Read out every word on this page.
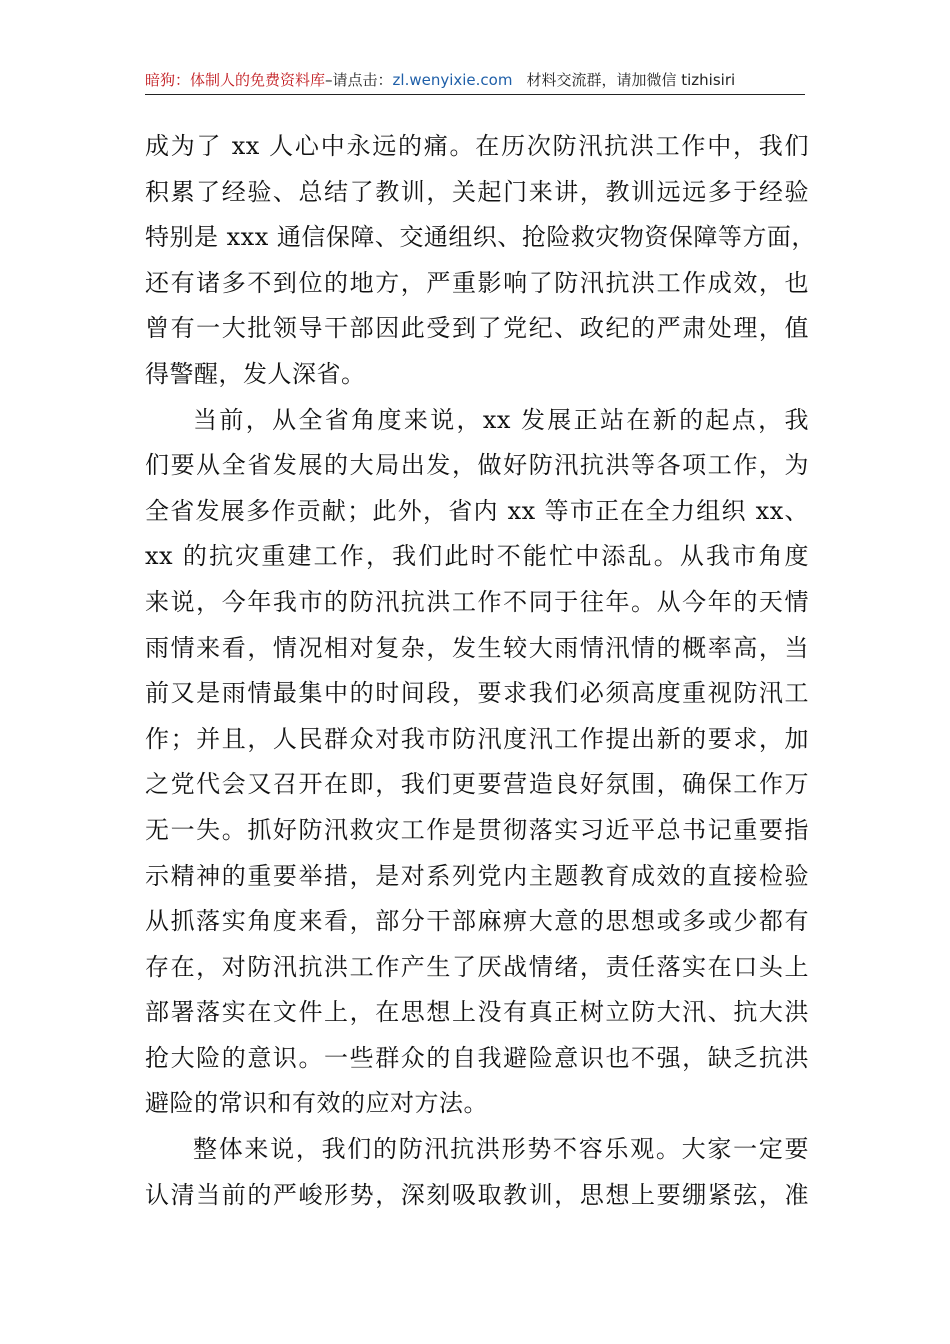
暗狗：体制人的免费资料库–请点击：zl.wenyixie.com 材料交流群，请加微信 tizhisiri
成为了 xx 人心中永远的痛。在历次防汛抗洪工作中，我们
积累了经验、总结了教训，关起门来讲，教训远远多于经验
特别是 xxx 通信保障、交通组织、抢险救灾物资保障等方面，
还有诸多不到位的地方，严重影响了防汛抗洪工作成效，也
曾有一大批领导干部因此受到了党纪、政纪的严肃处理，值
得警醒，发人深省。
当前，从全省角度来说，xx 发展正站在新的起点，我
们要从全省发展的大局出发，做好防汛抗洪等各项工作，为
全省发展多作贡献；此外，省内 xx 等市正在全力组织 xx、
xx 的抗灾重建工作，我们此时不能忙中添乱。从我市角度
来说，今年我市的防汛抗洪工作不同于往年。从今年的天情
雨情来看，情况相对复杂，发生较大雨情汛情的概率高，当
前又是雨情最集中的时间段，要求我们必须高度重视防汛工
作；并且，人民群众对我市防汛度汛工作提出新的要求，加
之党代会又召开在即，我们更要营造良好氛围，确保工作万
无一失。抓好防汛救灾工作是贯彻落实习近平总书记重要指
示精神的重要举措，是对系列党内主题教育成效的直接检验
从抓落实角度来看，部分干部麻痹大意的思想或多或少都有
存在，对防汛抗洪工作产生了厌战情绪，责任落实在口头上
部署落实在文件上，在思想上没有真正树立防大汛、抗大洪
抢大险的意识。一些群众的自我避险意识也不强，缺乏抗洪
避险的常识和有效的应对方法。
整体来说，我们的防汛抗洪形势不容乐观。大家一定要
认清当前的严峻形势，深刻吸取教训，思想上要绷紧弦，准
